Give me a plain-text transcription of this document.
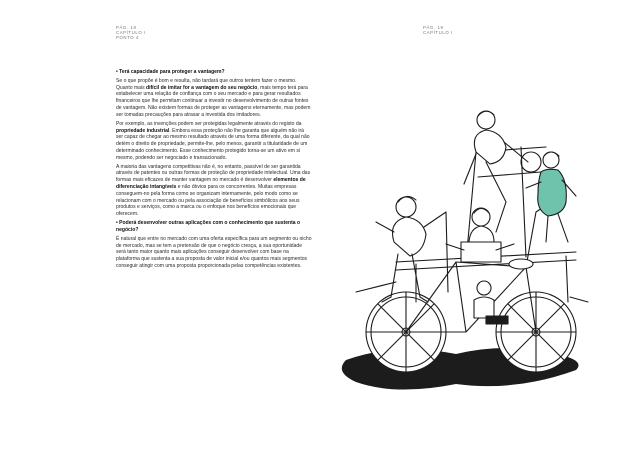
PÁG. 18
CAPÍTULO I
PONTO 4
PÁG. 19
CAPÍTULO I

• Terá capacidade para proteger a vantagem?

Se o que propõe é bom e resulta, não tardará que outros tentem fazer o mesmo. Quanto mais difícil de imitar for a vantagem do seu negócio, mais tempo terá para estabelecer uma relação de confiança com o seu mercado e para gerar resultados financeiros que lhe permitam continuar a investir no desenvolvimento de outras fontes de vantagem. Não existem formas de proteger as vantagens eternamente, mas podem ser tomadas precauções para atrasar a investida dos imitadores.

Por exemplo, as invenções podem ser protegidas legalmente através do registo da propriedade industrial. Embora essa proteção não lhe garanta que alguém não irá ser capaz de chegar ao mesmo resultado através de uma forma diferente, da qual não detém o direito de propriedade, permite-lhe, pelo menos, garantir a titularidade de um determinado conhecimento. Esse conhecimento protegido torna-se um ativo em si mesmo, podendo ser negociado e transacionado.

A maioria das vantagens competitivas não é, no entanto, passível de ser garantida através de patentes ou outras formas de proteção de propriedade intelectual. Uma das formas mais eficazes de manter vantagem no mercado é desenvolver elementos de diferenciação intangíveis e não óbvios para os concorrentes. Muitas empresas conseguem-no pela forma como se organizam internamente, pelo modo como se relacionam com o mercado ou pela associação de benefícios simbólicos aos seus produtos e serviços, como a marca ou o enfoque nos benefícios emocionais que oferecem.

• Poderá desenvolver outras aplicações com o conhecimento que sustenta o negócio?

É natural que entre no mercado com uma oferta específica para um segmento ou nicho de mercado, mas se tem a pretensão de que o negócio cresça, a sua oportunidade será tanto maior quanto mais aplicações conseguir desenvolver com base na plataforma que sustenta a sua proposta de valor inicial e/ou quantos mais segmentos conseguir atingir com uma proposta proporcionada pelas competências existentes.
